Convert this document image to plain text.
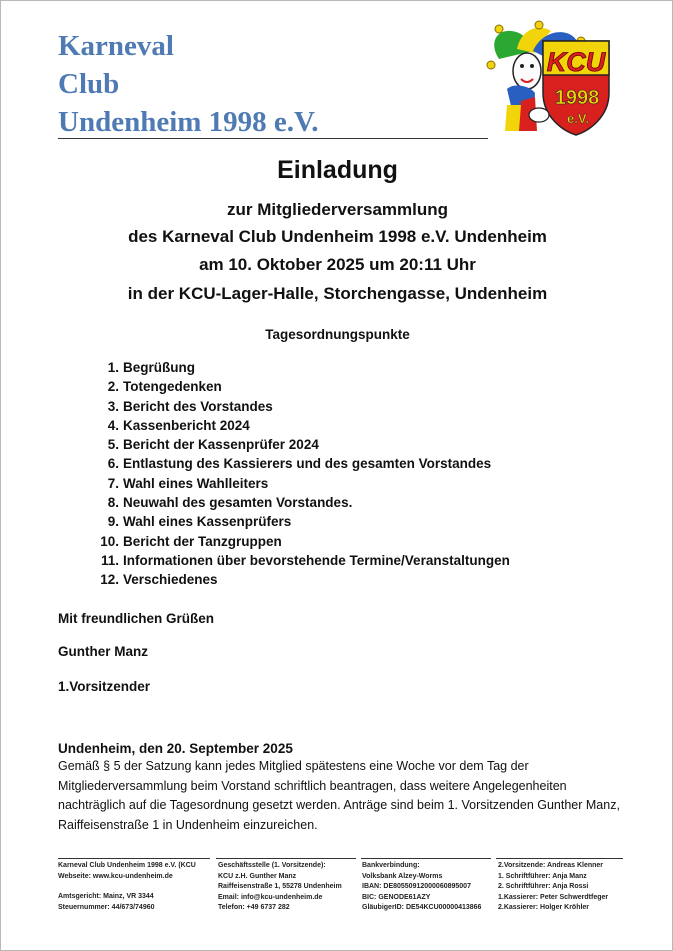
Karneval
Club
Undenheim 1998 e.V.
KCU
1998
e.V.
Einladung
zur Mitgliederversammlung
des Karneval Club Undenheim 1998 e.V. Undenheim
am 10. Oktober 2025 um 20:11 Uhr
in der KCU-Lager-Halle, Storchengasse, Undenheim
Tagesordnungspunkte
1. Begrüßung
2. Totengedenken
3. Bericht des Vorstandes
4. Kassenbericht 2024
5. Bericht der Kassenprüfer 2024
6. Entlastung des Kassierers und des gesamten Vorstandes
7. Wahl eines Wahlleiters
8. Neuwahl des gesamten Vorstandes.
9. Wahl eines Kassenprüfers
10. Bericht der Tanzgruppen
11. Informationen über bevorstehende Termine/Veranstaltungen
12. Verschiedenes
Mit freundlichen Grüßen
Gunther Manz
1.Vorsitzender
Undenheim, den 20. September 2025
Gemäß § 5 der Satzung kann jedes Mitglied spätestens eine Woche vor dem Tag der
Mitgliederversammlung beim Vorstand schriftlich beantragen, dass weitere Angelegenheiten
nachträglich auf die Tagesordnung gesetzt werden. Anträge sind beim 1. Vorsitzenden Gunther Manz,
Raiffeisenstraße 1 in Undenheim einzureichen.
Karneval Club Undenheim 1998 e.V. (KCU
Webseite: www.kcu-undenheim.de
Amtsgericht: Mainz, VR 3344
Steuernummer: 44/673/74960
Geschäftsstelle (1. Vorsitzende):
KCU z.H. Gunther Manz
Raiffeisenstraße 1, 55278 Undenheim
Email: info@kcu-undenheim.de
Telefon: +49 6737 282
Bankverbindung:
Volksbank Alzey-Worms
IBAN: DE80550912000060895007
BIC: GENODE61AZY
GläubigerID: DE54KCU00000413866
2.Vorsitzende: Andreas Klenner
1. Schriftführer: Anja Manz
2. Schriftführer: Anja Rossi
1.Kassierer: Peter Schwerdtfeger
2.Kassierer: Holger Kröhler
